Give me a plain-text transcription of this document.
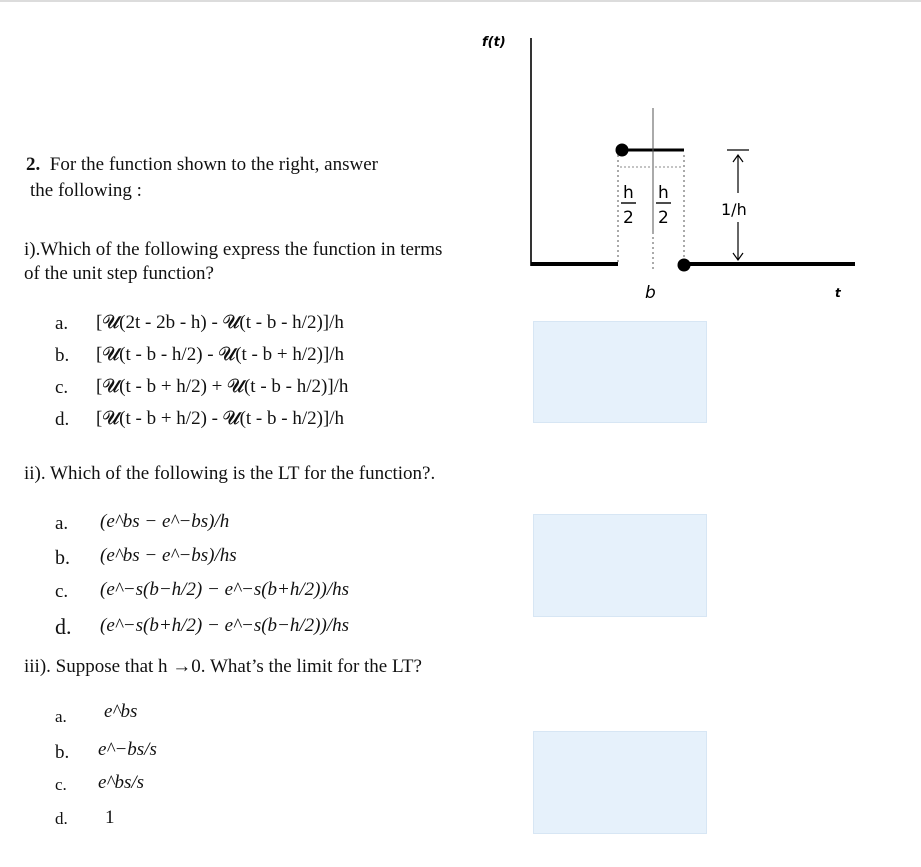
2. For the function shown to the right, answer
the following :
i).Which of the following express the function in terms
of the unit step function?
a. [𝓤(2t - 2b - h) - 𝓤(t - b - h/2)]/h
b. [𝓤(t - b - h/2) - 𝓤(t - b + h/2)]/h
c. [𝓤(t - b + h/2) + 𝓤(t - b - h/2)]/h
d. [𝓤(t - b + h/2) - 𝓤(t - b - h/2)]/h
ii). Which of the following is the LT for the function?.
a. (e^bs − e^−bs)/h
b. (e^bs − e^−bs)/hs
c. (e^−s(b−h/2) − e^−s(b+h/2))/hs
d. (e^−s(b+h/2) − e^−s(b−h/2))/hs
iii). Suppose that h →0. What’s the limit for the LT?
a. e^bs
b. e^−bs/s
c. e^bs/s
d. 1
f(t)
h
2
h
2	1/h
b	t
